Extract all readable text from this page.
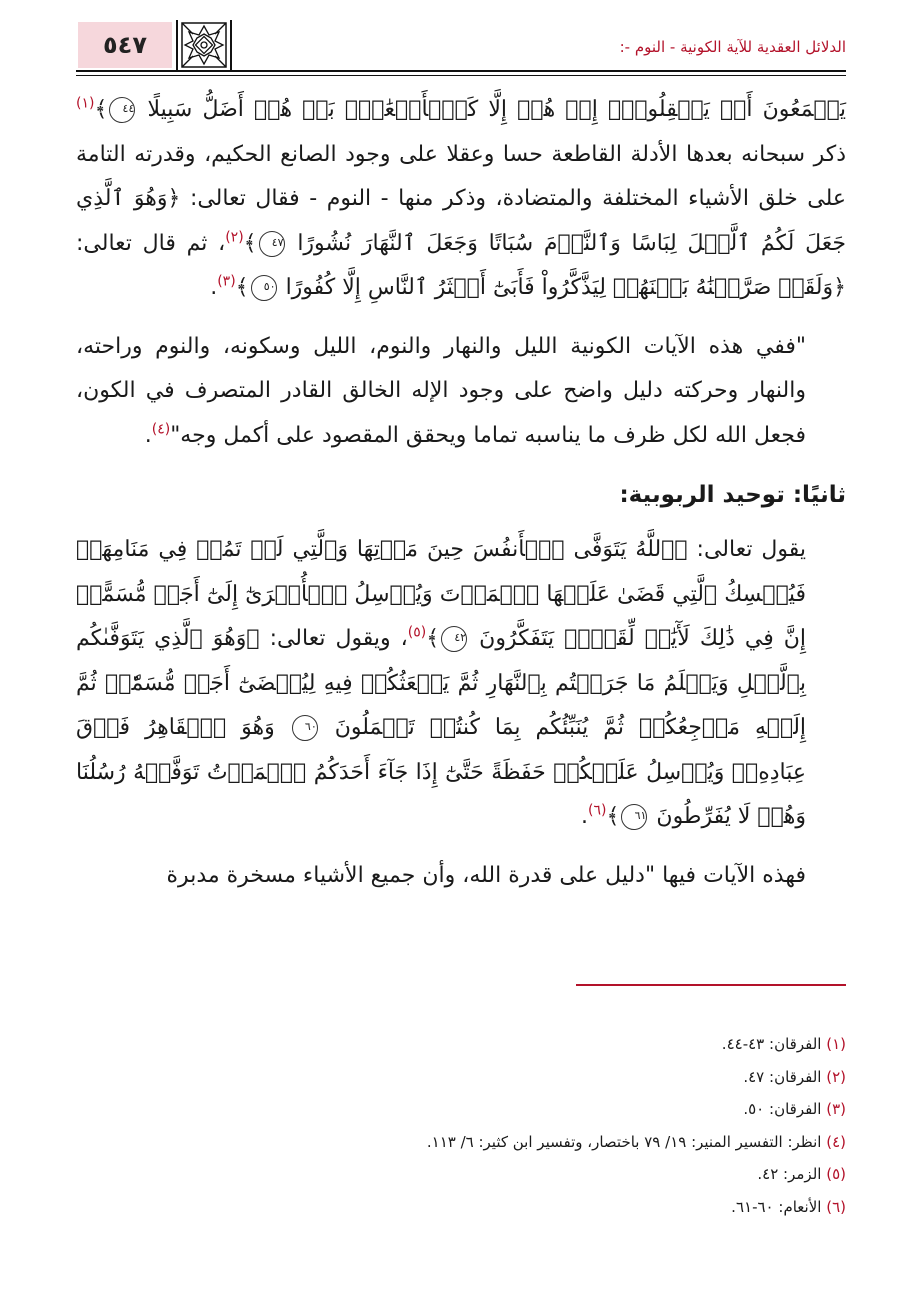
٥٤٧	الدلائل العقدية للآية الكونية - النوم -:

يَسۡمَعُونَ أَوۡ يَعۡقِلُونَۚ إِنۡ هُمۡ إِلَّا كَٱلۡأَنۡعَٰمِۖ بَلۡ هُمۡ أَضَلُّ سَبِيلًا ٤٤﴾$^{(١)}$ ذكر سبحانه بعدها الأدلة القاطعة حسا وعقلا على وجود الصانع الحكيم، وقدرته التامة على خلق الأشياء المختلفة والمتضادة، وذكر منها - النوم - فقال تعالى: ﴿وَهُوَ ٱلَّذِي جَعَلَ لَكُمُ ٱلَّيۡلَ لِبَاسًا وَٱلنَّوۡمَ سُبَاتًا وَجَعَلَ ٱلنَّهَارَ نُشُورًا ٤٧﴾$^{(٢)}$، ثم قال تعالى: ﴿وَلَقَدۡ صَرَّفۡنَٰهُ بَيۡنَهُمۡ لِيَذَّكَّرُواْ فَأَبَىٰٓ أَكۡثَرُ ٱلنَّاسِ إِلَّا كُفُورًا ٥٠﴾$^{(٣)}$.

"ففي هذه الآيات الكونية الليل والنهار والنوم، الليل وسكونه، والنوم وراحته، والنهار وحركته دليل واضح على وجود الإله الخالق القادر المتصرف في الكون، فجعل الله لكل ظرف ما يناسبه تماما ويحقق المقصود على أكمل وجه"$^{(٤)}$.

ثانيًا: توحيد الربوبية:

يقول تعالى: ﴿ٱللَّهُ يَتَوَفَّى ٱلۡأَنفُسَ حِينَ مَوۡتِهَا وَٱلَّتِي لَمۡ تَمُتۡ فِي مَنَامِهَاۖ فَيُمۡسِكُ ٱلَّتِي قَضَىٰ عَلَيۡهَا ٱلۡمَوۡتَ وَيُرۡسِلُ ٱلۡأُخۡرَىٰٓ إِلَىٰٓ أَجَلٖ مُّسَمًّىۚ إِنَّ فِي ذَٰلِكَ لَأٓيَٰتٖ لِّقَوۡمٖ يَتَفَكَّرُونَ ٤٢﴾$^{(٥)}$، ويقول تعالى: ﴿وَهُوَ ٱلَّذِي يَتَوَفَّىٰكُم بِٱلَّيۡلِ وَيَعۡلَمُ مَا جَرَحۡتُم بِٱلنَّهَارِ ثُمَّ يَبۡعَثُكُمۡ فِيهِ لِيُقۡضَىٰٓ أَجَلٞ مُّسَمّٗىۖ ثُمَّ إِلَيۡهِ مَرۡجِعُكُمۡ ثُمَّ يُنَبِّئُكُم بِمَا كُنتُمۡ تَعۡمَلُونَ ٦٠ وَهُوَ ٱلۡقَاهِرُ فَوۡقَ عِبَادِهِۦۖ وَيُرۡسِلُ عَلَيۡكُمۡ حَفَظَةً حَتَّىٰٓ إِذَا جَآءَ أَحَدَكُمُ ٱلۡمَوۡتُ تَوَفَّتۡهُ رُسُلُنَا وَهُمۡ لَا يُفَرِّطُونَ ٦١﴾$^{(٦)}$.

فهذه الآيات فيها "دليل على قدرة الله، وأن جميع الأشياء مسخرة مدبرة

(١) الفرقان: ٤٣-٤٤.
(٢) الفرقان: ٤٧.
(٣) الفرقان: ٥٠.
(٤) انظر: التفسير المنير: ١٩/ ٧٩ باختصار، وتفسير ابن كثير: ٦/ ١١٣.
(٥) الزمر: ٤٢.
(٦) الأنعام: ٦٠-٦١.
